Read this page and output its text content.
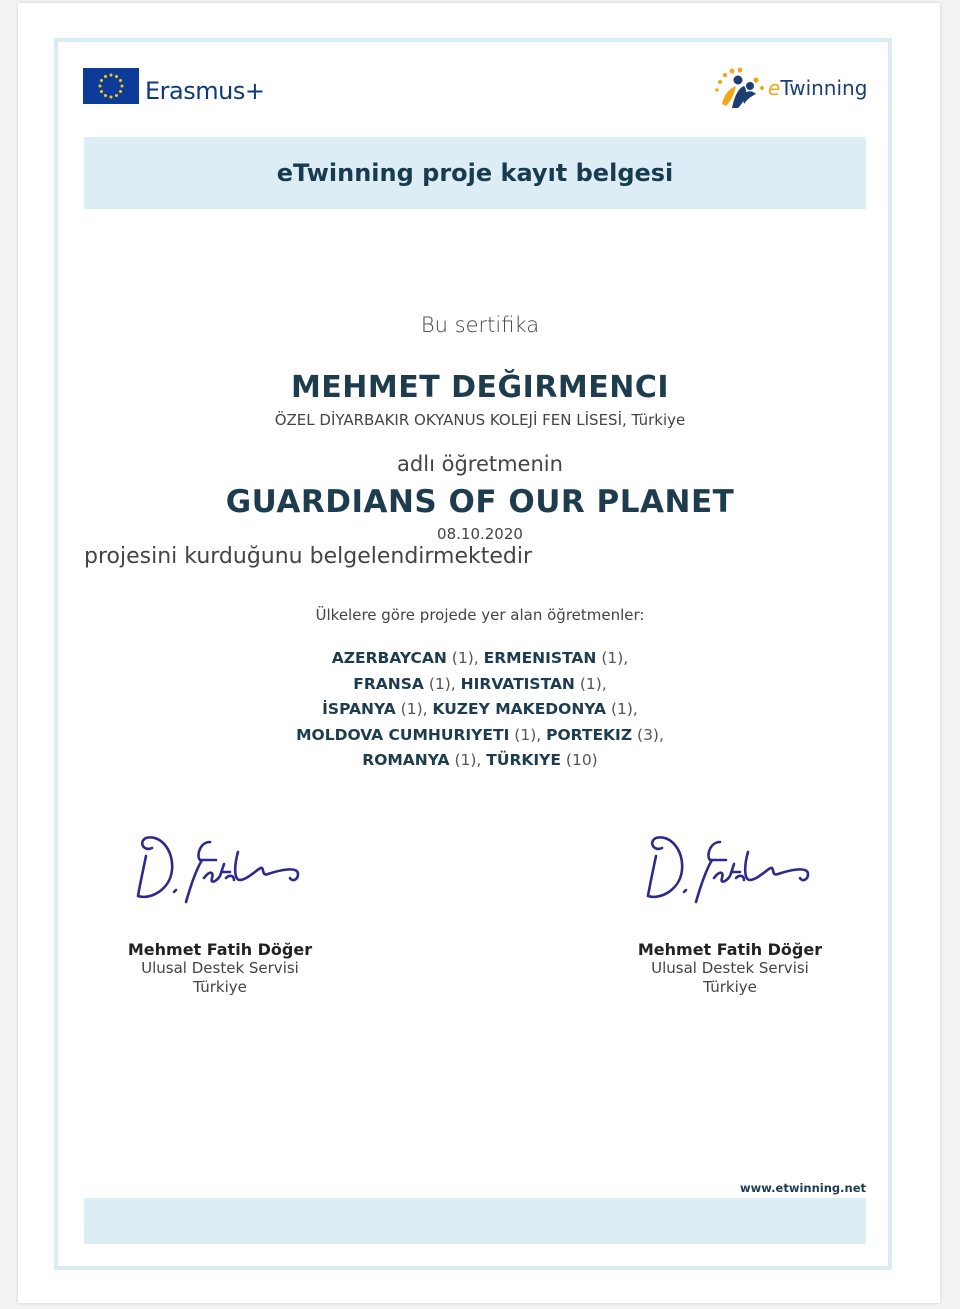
Erasmus+	eTwinning
eTwinning proje kayıt belgesi
Bu sertifika
MEHMET DEĞIRMENCI
ÖZEL DİYARBAKIR OKYANUS KOLEJİ FEN LİSESİ, Türkiye
adlı öğretmenin
GUARDIANS OF OUR PLANET
08.10.2020
projesini kurduğunu belgelendirmektedir
Ülkelere göre projede yer alan öğretmenler:
AZERBAYCAN (1), ERMENISTAN (1),
FRANSA (1), HIRVATISTAN (1),
İSPANYA (1), KUZEY MAKEDONYA (1),
MOLDOVA CUMHURIYETI (1), PORTEKIZ (3),
ROMANYA (1), TÜRKIYE (10)
Mehmet Fatih Döğer
Ulusal Destek Servisi
Türkiye
Mehmet Fatih Döğer
Ulusal Destek Servisi
Türkiye
www.etwinning.net
